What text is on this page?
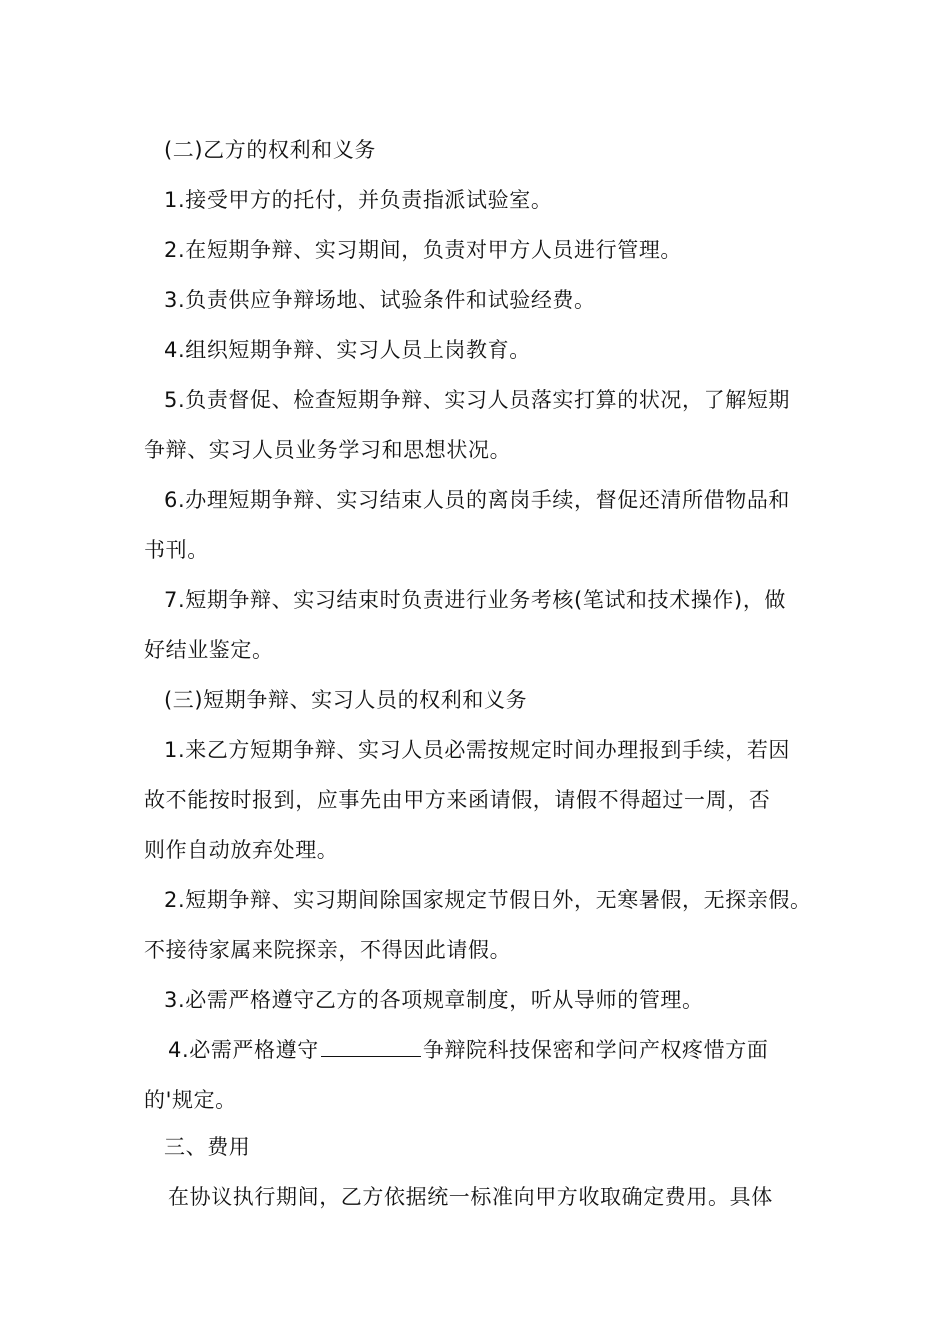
(二)乙方的权利和义务
1.接受甲方的托付，并负责指派试验室。
2.在短期争辩、实习期间，负责对甲方人员进行管理。
3.负责供应争辩场地、试验条件和试验经费。
4.组织短期争辩、实习人员上岗教育。
5.负责督促、检查短期争辩、实习人员落实打算的状况，了解短期
争辩、实习人员业务学习和思想状况。
6.办理短期争辩、实习结束人员的离岗手续，督促还清所借物品和
书刊。
7.短期争辩、实习结束时负责进行业务考核(笔试和技术操作)，做
好结业鉴定。
(三)短期争辩、实习人员的权利和义务
1.来乙方短期争辩、实习人员必需按规定时间办理报到手续，若因
故不能按时报到，应事先由甲方来函请假，请假不得超过一周，否
则作自动放弃处理。
2.短期争辩、实习期间除国家规定节假日外，无寒暑假，无探亲假。
不接待家属来院探亲，不得因此请假。
3.必需严格遵守乙方的各项规章制度，听从导师的管理。
4.必需严格遵守	争辩院科技保密和学问产权疼惜方面
的'规定。
三、费用
在协议执行期间，乙方依据统一标准向甲方收取确定费用。具体
